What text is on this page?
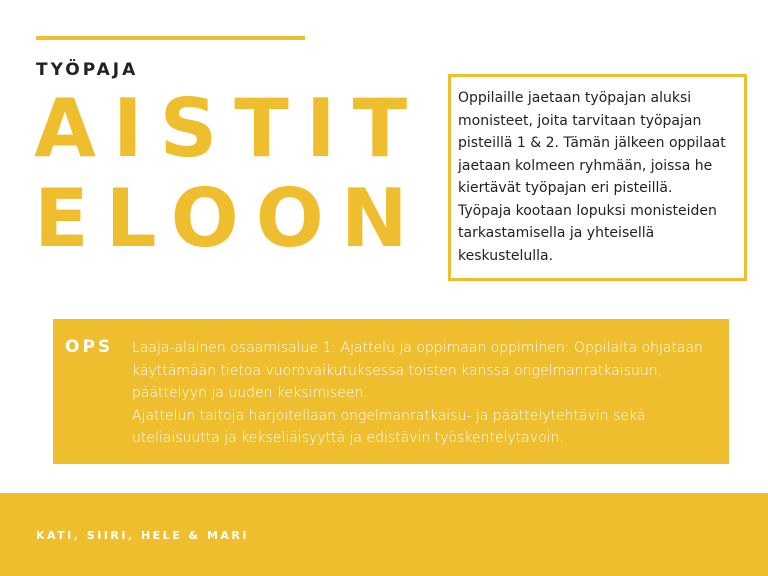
TYÖPAJA
AISTIT
ELOON

Oppilaille jaetaan työpajan aluksi monisteet, joita tarvitaan työpajan pisteillä 1 & 2. Tämän jälkeen oppilaat jaetaan kolmeen ryhmään, joissa he kiertävät työpajan eri pisteillä.

Työpaja kootaan lopuksi monisteiden tarkastamisella ja yhteisellä keskustelulla.

OPS Laaja-alainen osaamisalue 1: Ajattelu ja oppimaan oppiminen: Oppilaita ohjataan käyttämään tietoa vuorovaikutuksessa toisten kanssa ongelmanratkaisuun, päättelyyn ja uuden keksimiseen.

Ajattelun taitoja harjoitellaan ongelmanratkaisu- ja päättelytehtävin sekä uteliaisuutta ja kekseliäisyyttä ja edistävin työskentelytavoin.

KATI, SIIRI, HELE & MARI
